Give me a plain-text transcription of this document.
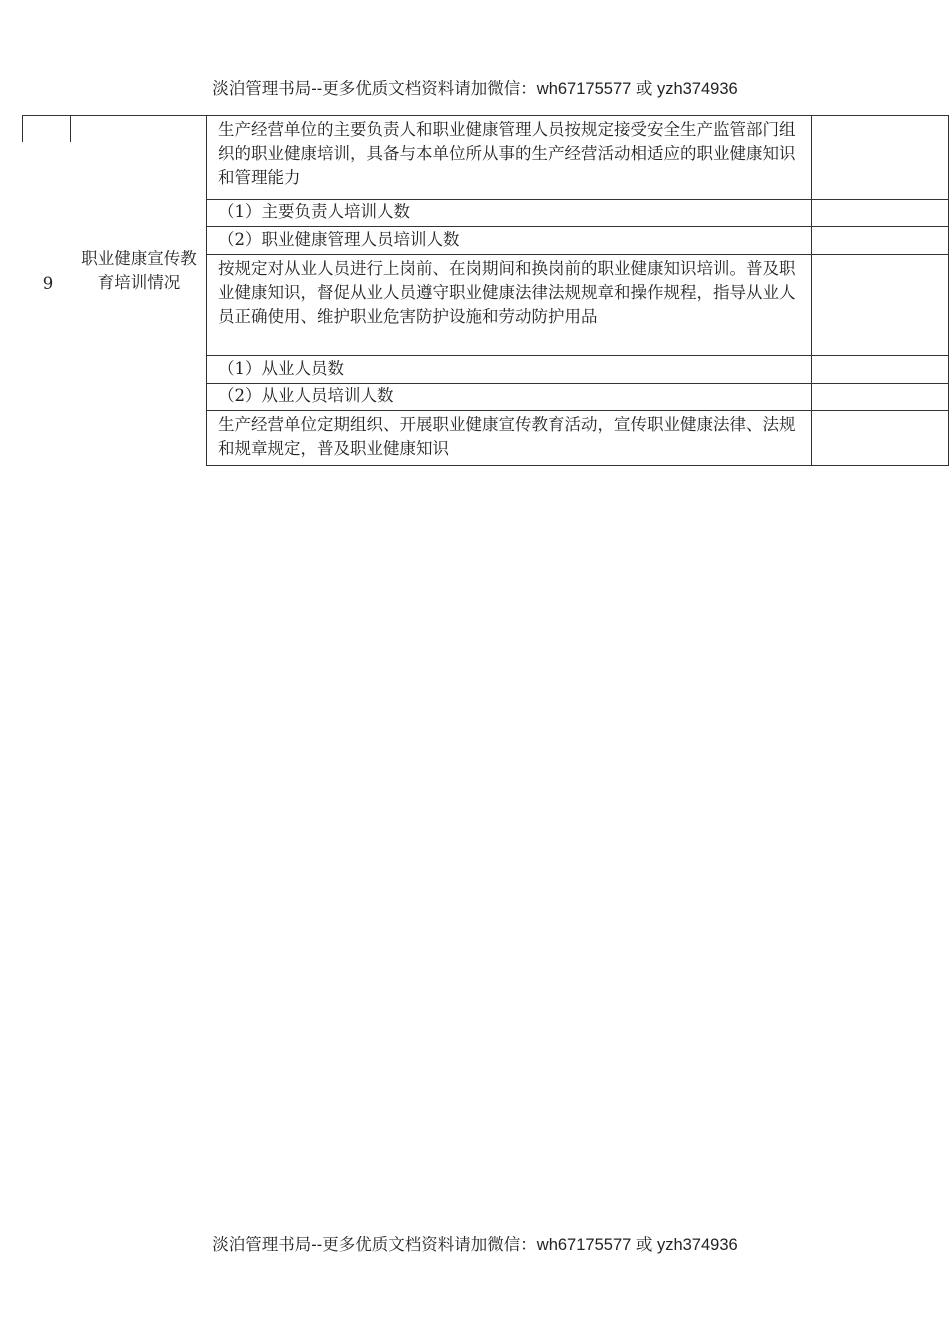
淡泊管理书局--更多优质文档资料请加微信：wh67175577 或 yzh374936
9
职业健康宣传教育培训情况
生产经营单位的主要负责人和职业健康管理人员按规定接受安全生产监管部门组织的职业健康培训，具备与本单位所从事的生产经营活动相适应的职业健康知识和管理能力
（1）主要负责人培训人数
（2）职业健康管理人员培训人数
按规定对从业人员进行上岗前、在岗期间和换岗前的职业健康知识培训。普及职业健康知识，督促从业人员遵守职业健康法律法规规章和操作规程，指导从业人员正确使用、维护职业危害防护设施和劳动防护用品
（1）从业人员数
（2）从业人员培训人数
生产经营单位定期组织、开展职业健康宣传教育活动，宣传职业健康法律、法规和规章规定，普及职业健康知识
淡泊管理书局--更多优质文档资料请加微信：wh67175577 或 yzh374936
